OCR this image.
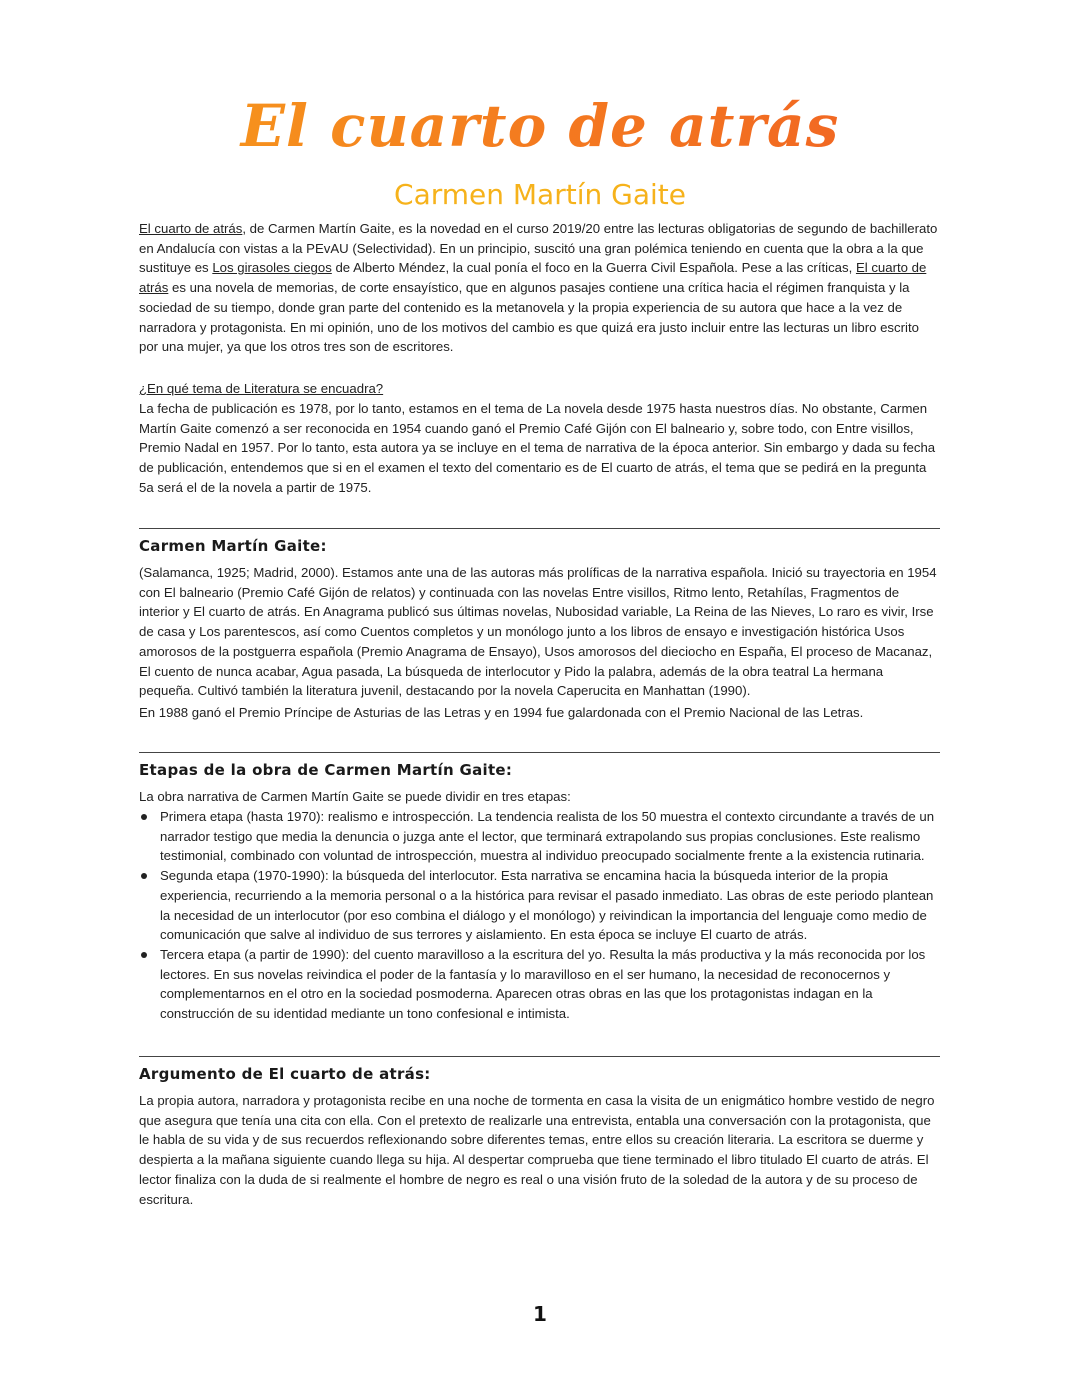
El cuarto de atrás
Carmen Martín Gaite

El cuarto de atrás, de Carmen Martín Gaite, es la novedad en el curso 2019/20 entre las lecturas obligatorias de segundo de bachillerato en Andalucía con vistas a la PEvAU (Selectividad). En un principio, suscitó una gran polémica teniendo en cuenta que la obra a la que sustituye es Los girasoles ciegos de Alberto Méndez, la cual ponía el foco en la Guerra Civil Española. Pese a las críticas, El cuarto de atrás es una novela de memorias, de corte ensayístico, que en algunos pasajes contiene una crítica hacia el régimen franquista y la sociedad de su tiempo, donde gran parte del contenido es la metanovela y la propia experiencia de su autora que hace a la vez de narradora y protagonista. En mi opinión, uno de los motivos del cambio es que quizá era justo incluir entre las lecturas un libro escrito por una mujer, ya que los otros tres son de escritores.

¿En qué tema de Literatura se encuadra?

La fecha de publicación es 1978, por lo tanto, estamos en el tema de La novela desde 1975 hasta nuestros días. No obstante, Carmen Martín Gaite comenzó a ser reconocida en 1954 cuando ganó el Premio Café Gijón con El balneario y, sobre todo, con Entre visillos, Premio Nadal en 1957. Por lo tanto, esta autora ya se incluye en el tema de narrativa de la época anterior. Sin embargo y dada su fecha de publicación, entendemos que si en el examen el texto del comentario es de El cuarto de atrás, el tema que se pedirá en la pregunta 5a será el de la novela a partir de 1975.

Carmen Martín Gaite:

(Salamanca, 1925; Madrid, 2000). Estamos ante una de las autoras más prolíficas de la narrativa española. Inició su trayectoria en 1954 con El balneario (Premio Café Gijón de relatos) y continuada con las novelas Entre visillos, Ritmo lento, Retahílas, Fragmentos de interior y El cuarto de atrás. En Anagrama publicó sus últimas novelas, Nubosidad variable, La Reina de las Nieves, Lo raro es vivir, Irse de casa y Los parentescos, así como Cuentos completos y un monólogo junto a los libros de ensayo e investigación histórica Usos amorosos de la postguerra española (Premio Anagrama de Ensayo), Usos amorosos del dieciocho en España, El proceso de Macanaz, El cuento de nunca acabar, Agua pasada, La búsqueda de interlocutor y Pido la palabra, además de la obra teatral La hermana pequeña. Cultivó también la literatura juvenil, destacando por la novela Caperucita en Manhattan (1990).

En 1988 ganó el Premio Príncipe de Asturias de las Letras y en 1994 fue galardonada con el Premio Nacional de las Letras.

Etapas de la obra de Carmen Martín Gaite:

La obra narrativa de Carmen Martín Gaite se puede dividir en tres etapas:

Primera etapa (hasta 1970): realismo e introspección. La tendencia realista de los 50 muestra el contexto circundante a través de un narrador testigo que media la denuncia o juzga ante el lector, que terminará extrapolando sus propias conclusiones. Este realismo testimonial, combinado con voluntad de introspección, muestra al individuo preocupado socialmente frente a la existencia rutinaria.
Segunda etapa (1970-1990): la búsqueda del interlocutor. Esta narrativa se encamina hacia la búsqueda interior de la propia experiencia, recurriendo a la memoria personal o a la histórica para revisar el pasado inmediato. Las obras de este periodo plantean la necesidad de un interlocutor (por eso combina el diálogo y el monólogo) y reivindican la importancia del lenguaje como medio de comunicación que salve al individuo de sus terrores y aislamiento. En esta época se incluye El cuarto de atrás.
Tercera etapa (a partir de 1990): del cuento maravilloso a la escritura del yo. Resulta la más productiva y la más reconocida por los lectores. En sus novelas reivindica el poder de la fantasía y lo maravilloso en el ser humano, la necesidad de reconocernos y complementarnos en el otro en la sociedad posmoderna. Aparecen otras obras en las que los protagonistas indagan en la construcción de su identidad mediante un tono confesional e intimista.

Argumento de El cuarto de atrás:

La propia autora, narradora y protagonista recibe en una noche de tormenta en casa la visita de un enigmático hombre vestido de negro que asegura que tenía una cita con ella. Con el pretexto de realizarle una entrevista, entabla una conversación con la protagonista, que le habla de su vida y de sus recuerdos reflexionando sobre diferentes temas, entre ellos su creación literaria. La escritora se duerme y despierta a la mañana siguiente cuando llega su hija. Al despertar comprueba que tiene terminado el libro titulado El cuarto de atrás. El lector finaliza con la duda de si realmente el hombre de negro es real o una visión fruto de la soledad de la autora y de su proceso de escritura.

1
